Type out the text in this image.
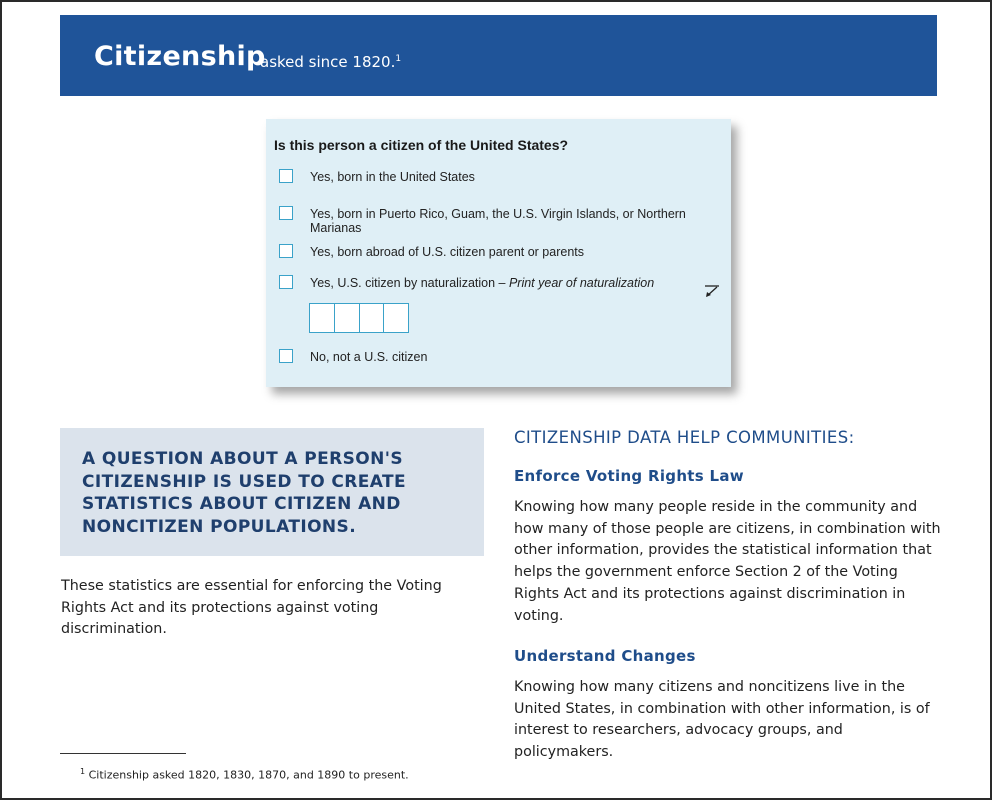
Citizenship
asked since 1820.$^1$
Is this person a citizen of the United States?
Yes, born in the United States
Yes, born in Puerto Rico, Guam, the U.S. Virgin Islands, or Northern Marianas
Yes, born abroad of U.S. citizen parent or parents
Yes, U.S. citizen by naturalization – Print year of naturalization
No, not a U.S. citizen
A QUESTION ABOUT A PERSON'S CITIZENSHIP IS USED TO CREATE STATISTICS ABOUT CITIZEN AND NONCITIZEN POPULATIONS.
These statistics are essential for enforcing the Voting Rights Act and its protections against voting discrimination.
CITIZENSHIP DATA HELP COMMUNITIES:
Enforce Voting Rights Law
Knowing how many people reside in the community and how many of those people are citizens, in combination with other information, provides the statistical information that helps the government enforce Section 2 of the Voting Rights Act and its protections against discrimination in voting.
Understand Changes
Knowing how many citizens and noncitizens live in the United States, in combination with other information, is of interest to researchers, advocacy groups, and policymakers.
$^1$ Citizenship asked 1820, 1830, 1870, and 1890 to present.
